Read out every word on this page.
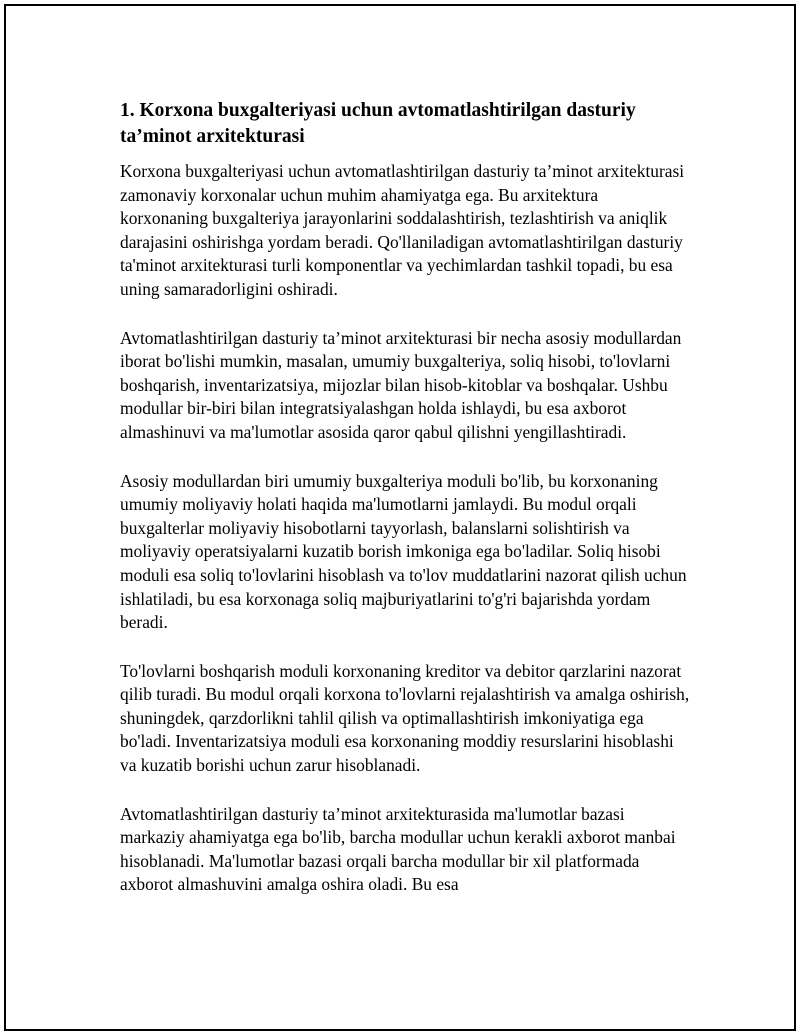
1. Korxona buxgalteriyasi uchun avtomatlashtirilgan dasturiy ta’minot arxitekturasi

Korxona buxgalteriyasi uchun avtomatlashtirilgan dasturiy ta’minot arxitekturasi zamonaviy korxonalar uchun muhim ahamiyatga ega. Bu arxitektura korxonaning buxgalteriya jarayonlarini soddalashtirish, tezlashtirish va aniqlik darajasini oshirishga yordam beradi. Qo'llaniladigan avtomatlashtirilgan dasturiy ta'minot arxitekturasi turli komponentlar va yechimlardan tashkil topadi, bu esa uning samaradorligini oshiradi.

Avtomatlashtirilgan dasturiy ta’minot arxitekturasi bir necha asosiy modullardan iborat bo'lishi mumkin, masalan, umumiy buxgalteriya, soliq hisobi, to'lovlarni boshqarish, inventarizatsiya, mijozlar bilan hisob-kitoblar va boshqalar. Ushbu modullar bir-biri bilan integratsiyalashgan holda ishlaydi, bu esa axborot almashinuvi va ma'lumotlar asosida qaror qabul qilishni yengillashtiradi.

Asosiy modullardan biri umumiy buxgalteriya moduli bo'lib, bu korxonaning umumiy moliyaviy holati haqida ma'lumotlarni jamlaydi. Bu modul orqali buxgalterlar moliyaviy hisobotlarni tayyorlash, balanslarni solishtirish va moliyaviy operatsiyalarni kuzatib borish imkoniga ega bo'ladilar. Soliq hisobi moduli esa soliq to'lovlarini hisoblash va to'lov muddatlarini nazorat qilish uchun ishlatiladi, bu esa korxonaga soliq majburiyatlarini to'g'ri bajarishda yordam beradi.

To'lovlarni boshqarish moduli korxonaning kreditor va debitor qarzlarini nazorat qilib turadi. Bu modul orqali korxona to'lovlarni rejalashtirish va amalga oshirish, shuningdek, qarzdorlikni tahlil qilish va optimallashtirish imkoniyatiga ega bo'ladi. Inventarizatsiya moduli esa korxonaning moddiy resurslarini hisoblashi va kuzatib borishi uchun zarur hisoblanadi.

Avtomatlashtirilgan dasturiy ta’minot arxitekturasida ma'lumotlar bazasi markaziy ahamiyatga ega bo'lib, barcha modullar uchun kerakli axborot manbai hisoblanadi. Ma'lumotlar bazasi orqali barcha modullar bir xil platformada axborot almashuvini amalga oshira oladi. Bu esa
